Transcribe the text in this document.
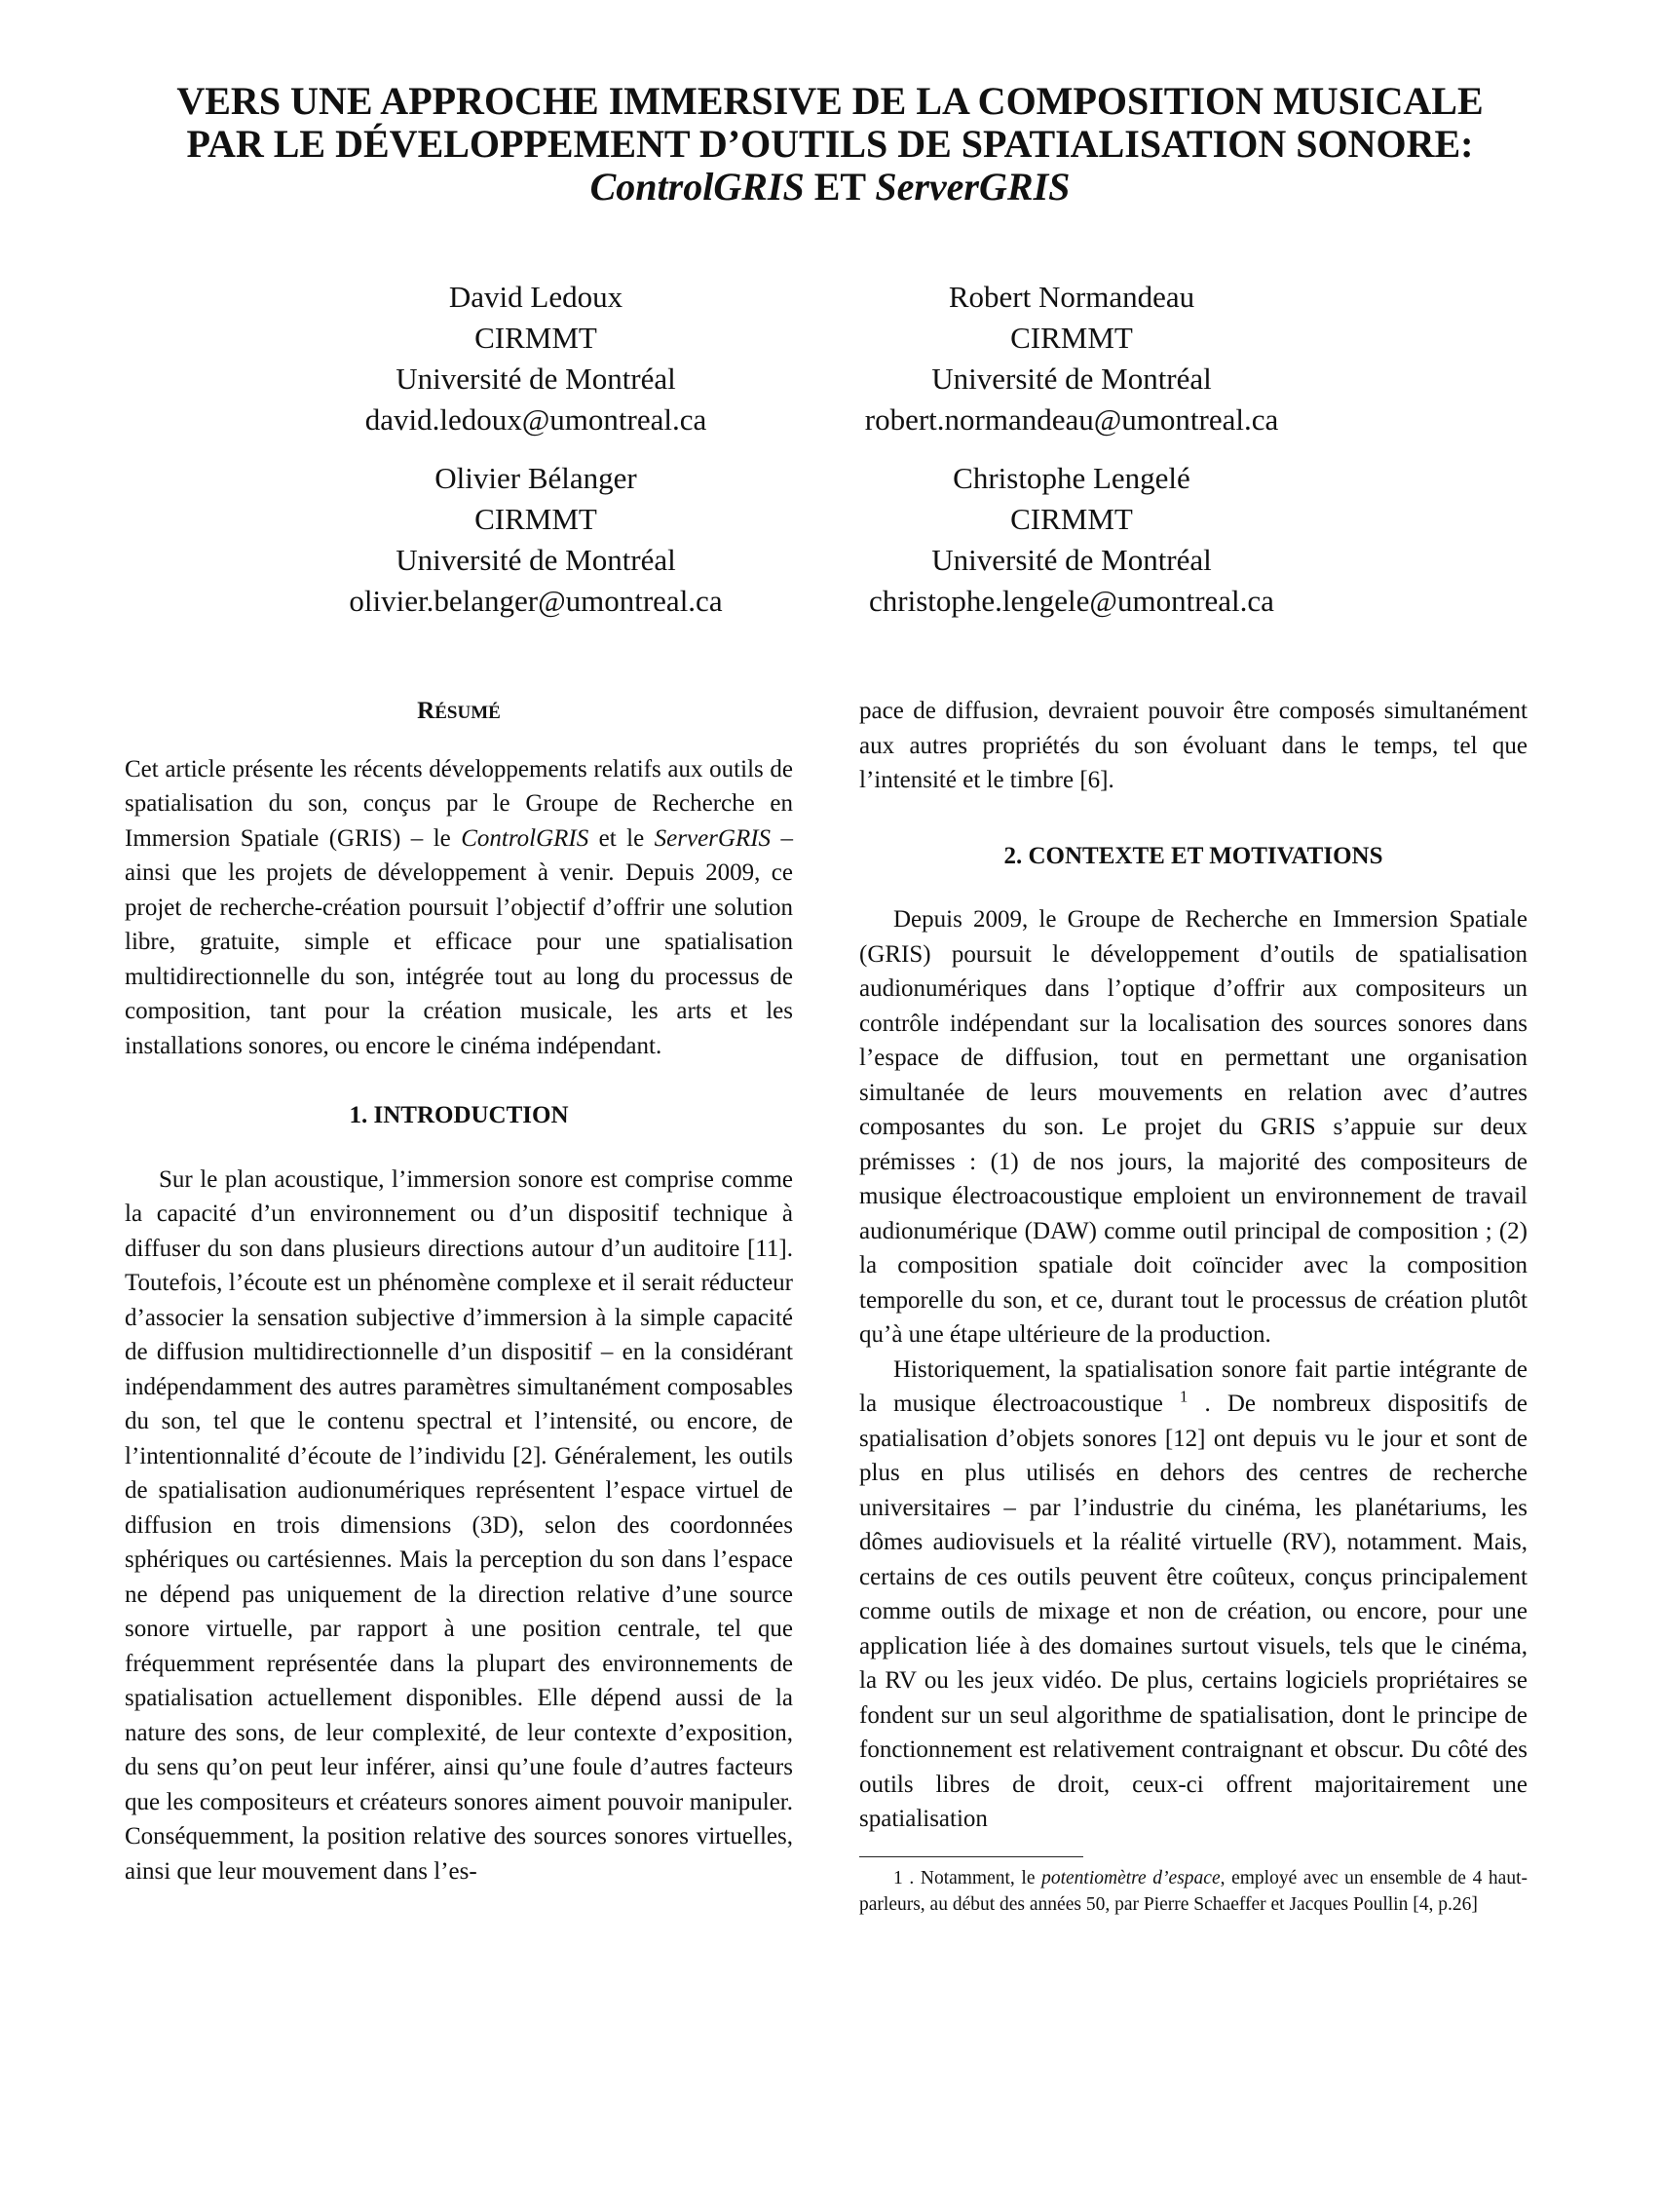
VERS UNE APPROCHE IMMERSIVE DE LA COMPOSITION MUSICALE
PAR LE DÉVELOPPEMENT D’OUTILS DE SPATIALISATION SONORE:
ControlGRIS ET ServerGRIS
David Ledoux
CIRMMT
Université de Montréal
david.ledoux@umontreal.ca
Robert Normandeau
CIRMMT
Université de Montréal
robert.normandeau@umontreal.ca
Olivier Bélanger
CIRMMT
Université de Montréal
olivier.belanger@umontreal.ca
Christophe Lengelé
CIRMMT
Université de Montréal
christophe.lengele@umontreal.ca

RÉSUMÉ

Cet article présente les récents développements relatifs aux outils de spatialisation du son, conçus par le Groupe de Recherche en Immersion Spatiale (GRIS) – le ControlGRIS et le ServerGRIS – ainsi que les projets de développement à venir. Depuis 2009, ce projet de recherche-création poursuit l’objectif d’offrir une solution libre, gratuite, simple et efficace pour une spatialisation multidirectionnelle du son, intégrée tout au long du processus de composition, tant pour la création musicale, les arts et les installations sonores, ou encore le cinéma indépendant.

1. INTRODUCTION

Sur le plan acoustique, l’immersion sonore est comprise comme la capacité d’un environnement ou d’un dispositif technique à diffuser du son dans plusieurs directions autour d’un auditoire [11]. Toutefois, l’écoute est un phénomène complexe et il serait réducteur d’associer la sensation subjective d’immersion à la simple capacité de diffusion multidirectionnelle d’un dispositif – en la considérant indépendamment des autres paramètres simultanément composables du son, tel que le contenu spectral et l’intensité, ou encore, de l’intentionnalité d’écoute de l’individu [2]. Généralement, les outils de spatialisation audionumériques représentent l’espace virtuel de diffusion en trois dimensions (3D), selon des coordonnées sphériques ou cartésiennes. Mais la perception du son dans l’espace ne dépend pas uniquement de la direction relative d’une source sonore virtuelle, par rapport à une position centrale, tel que fréquemment représentée dans la plupart des environnements de spatialisation actuellement disponibles. Elle dépend aussi de la nature des sons, de leur complexité, de leur contexte d’exposition, du sens qu’on peut leur inférer, ainsi qu’une foule d’autres facteurs que les compositeurs et créateurs sonores aiment pouvoir manipuler. Conséquemment, la position relative des sources sonores virtuelles, ainsi que leur mouvement dans l’es-

pace de diffusion, devraient pouvoir être composés simultanément aux autres propriétés du son évoluant dans le temps, tel que l’intensité et le timbre [6].

2. CONTEXTE ET MOTIVATIONS

Depuis 2009, le Groupe de Recherche en Immersion Spatiale (GRIS) poursuit le développement d’outils de spatialisation audionumériques dans l’optique d’offrir aux compositeurs un contrôle indépendant sur la localisation des sources sonores dans l’espace de diffusion, tout en permettant une organisation simultanée de leurs mouvements en relation avec d’autres composantes du son. Le projet du GRIS s’appuie sur deux prémisses : (1) de nos jours, la majorité des compositeurs de musique électroacoustique emploient un environnement de travail audionumérique (DAW) comme outil principal de composition ; (2) la composition spatiale doit coïncider avec la composition temporelle du son, et ce, durant tout le processus de création plutôt qu’à une étape ultérieure de la production.

Historiquement, la spatialisation sonore fait partie intégrante de la musique électroacoustique $^1$ . De nombreux dispositifs de spatialisation d’objets sonores [12] ont depuis vu le jour et sont de plus en plus utilisés en dehors des centres de recherche universitaires – par l’industrie du cinéma, les planétariums, les dômes audiovisuels et la réalité virtuelle (RV), notamment. Mais, certains de ces outils peuvent être coûteux, conçus principalement comme outils de mixage et non de création, ou encore, pour une application liée à des domaines surtout visuels, tels que le cinéma, la RV ou les jeux vidéo. De plus, certains logiciels propriétaires se fondent sur un seul algorithme de spatialisation, dont le principe de fonctionnement est relativement contraignant et obscur. Du côté des outils libres de droit, ceux-ci offrent majoritairement une spatialisation

1 . Notamment, le potentiomètre d’espace, employé avec un ensemble de 4 haut-parleurs, au début des années 50, par Pierre Schaeffer et Jacques Poullin [4, p.26]
